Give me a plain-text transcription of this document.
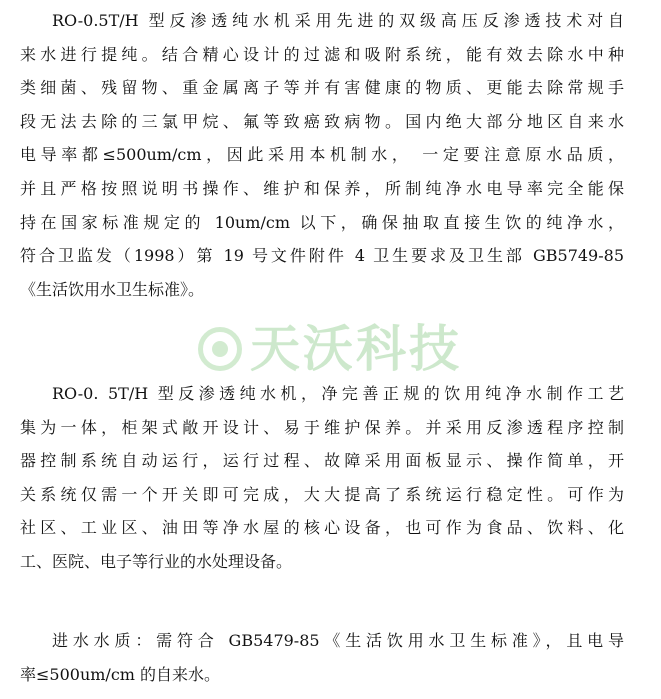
天沃科技

RO-0.5T/H 型反渗透纯水机采用先进的双级高压反渗透技术对自
来水进行提纯。结合精心设计的过滤和吸附系统，能有效去除水中种
类细菌、残留物、重金属离子等并有害健康的物质、更能去除常规手
段无法去除的三氯甲烷、氟等致癌致病物。国内绝大部分地区自来水
电导率都≤500um/cm，因此采用本机制水， 一定要注意原水品质，
并且严格按照说明书操作、维护和保养，所制纯净水电导率完全能保
持在国家标准规定的 10um/cm 以下，确保抽取直接生饮的纯净水，
符合卫监发（1998）第 19 号文件附件 4 卫生要求及卫生部 GB5749-85
《生活饮用水卫生标准》。

RO-0. 5T/H 型反渗透纯水机，净完善正规的饮用纯净水制作工艺
集为一体，柜架式敞开设计、易于维护保养。并采用反渗透程序控制
器控制系统自动运行，运行过程、故障采用面板显示、操作简单，开
关系统仅需一个开关即可完成，大大提高了系统运行稳定性。可作为
社区、工业区、油田等净水屋的核心设备，也可作为食品、饮料、化
工、医院、电子等行业的水处理设备。

进水水质：需符合 GB5479-85《生活饮用水卫生标准》，且电导
率≤500um/cm 的自来水。
